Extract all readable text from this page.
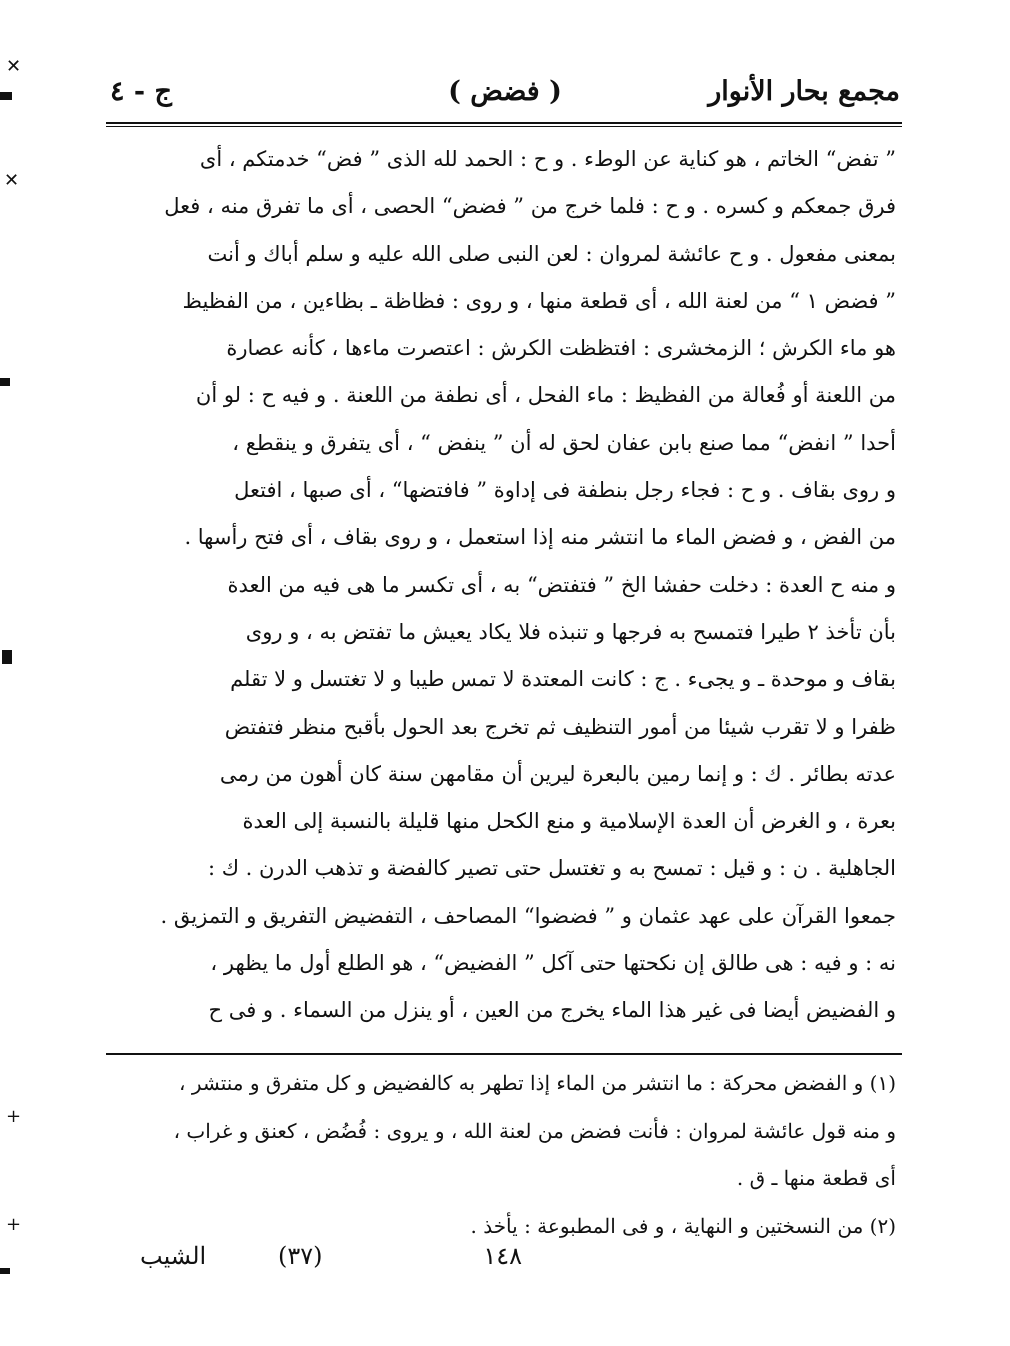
✕
✕
+
+
مجمع بحار الأنوار
( فضض )
ج - ٤
” تفض“ الخاتم ، هو كناية عن الوطء . و ح : الحمد لله الذى ” فض“ خدمتكم ، أى
فرق جمعكم و كسره . و ح : فلما خرج من ” فضض“ الحصى ، أى ما تفرق منه ، فعل
بمعنى مفعول . و ح عائشة لمروان : لعن النبى صلى الله عليه و سلم أباك و أنت
” فضض ١ “ من لعنة الله ، أى قطعة منها ، و روى : فظاظة ـ بظاءين ، من الفظيظ
هو ماء الكرش ؛ الزمخشرى : افتظظت الكرش : اعتصرت ماءها ، كأنه عصارة
من اللعنة أو فُعالة من الفظيظ : ماء الفحل ، أى نطفة من اللعنة . و فيه ح : لو أن
أحدا ” انفض“ مما صنع بابن عفان لحق له أن ” ينفض “ ، أى يتفرق و ينقطع ،
و روى بقاف . و ح : فجاء رجل بنطفة فى إداوة ” فافتضها“ ، أى صبها ، افتعل
من الفض ، و فضض الماء ما انتشر منه إذا استعمل ، و روى بقاف ، أى فتح رأسها .
و منه ح العدة : دخلت حفشا الخ ” فتفتض“ به ، أى تكسر ما هى فيه من العدة
بأن تأخذ ٢ طيرا فتمسح به فرجها و تنبذه فلا يكاد يعيش ما تفتض به ، و روى
بقاف و موحدة ـ و يجىء . ج : كانت المعتدة لا تمس طيبا و لا تغتسل و لا تقلم
ظفرا و لا تقرب شيئا من أمور التنظيف ثم تخرج بعد الحول بأقبح منظر فتفتض
عدته بطائر . ك : و إنما رمين بالبعرة ليرين أن مقامهن سنة كان أهون من رمى
بعرة ، و الغرض أن العدة الإسلامية و منع الكحل منها قليلة بالنسبة إلى العدة
الجاهلية . ن : و قيل : تمسح به و تغتسل حتى تصير كالفضة و تذهب الدرن . ك :
جمعوا القرآن على عهد عثمان و ” فضضوا“ المصاحف ، التفضيض التفريق و التمزيق .
نه : و فيه : هى طالق إن نكحتها حتى آكل ” الفضيض“ ، هو الطلع أول ما يظهر ،
و الفضيض أيضا فى غير هذا الماء يخرج من العين ، أو ينزل من السماء . و فى ح
(١) و الفضض محركة : ما انتشر من الماء إذا تطهر به كالفضيض و كل متفرق و منتشر ،
و منه قول عائشة لمروان : فأنت فضض من لعنة الله ، و يروى : فُضُض ، كعنق و غراب ،
أى قطعة منها ـ ق .
(٢) من النسختين و النهاية ، و فى المطبوعة : يأخذ .
١٤٨
(٣٧)
الشيب
